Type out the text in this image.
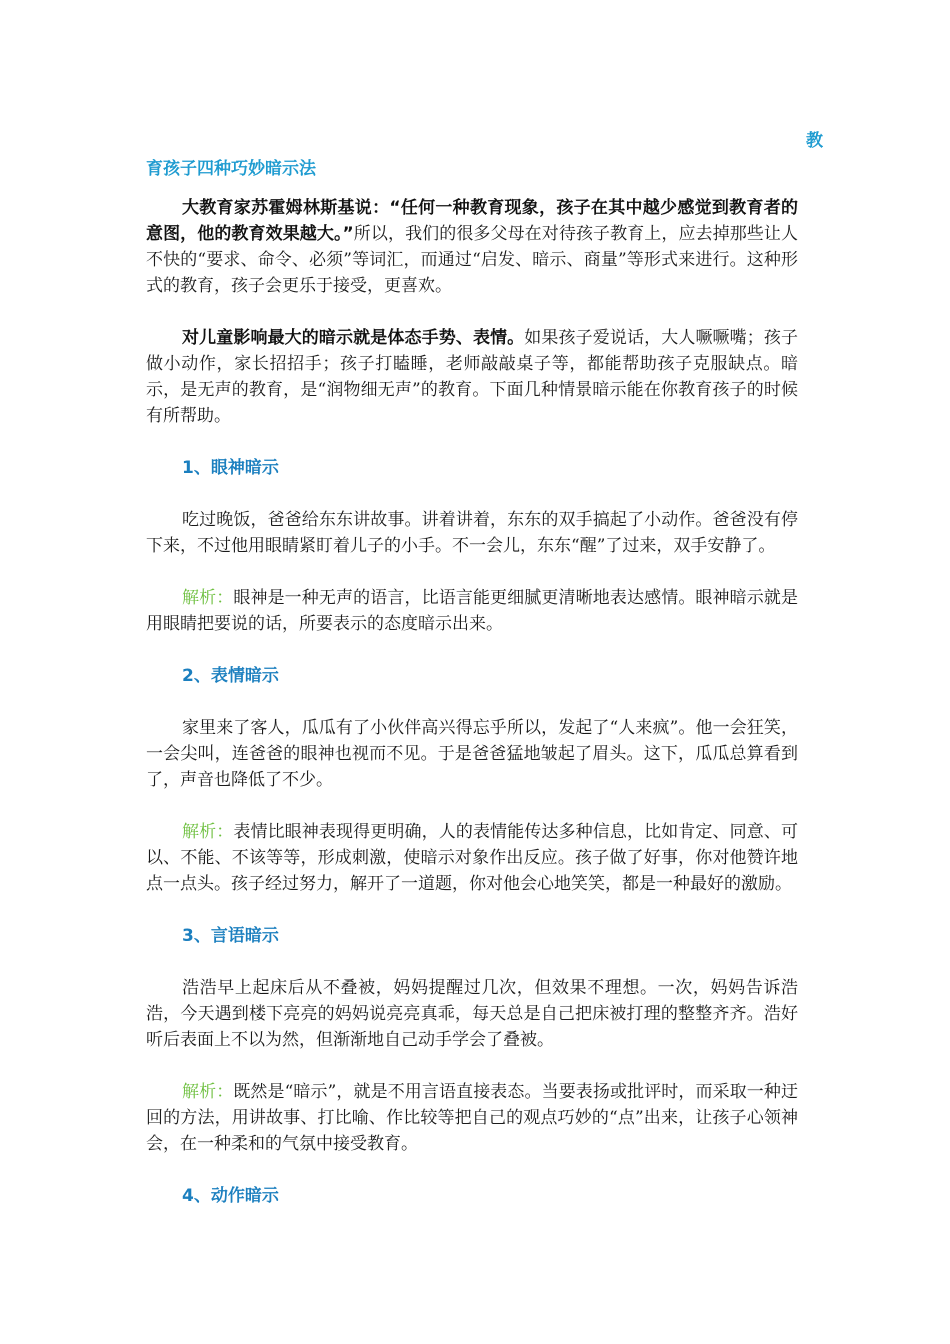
教
育孩子四种巧妙暗示法

大教育家苏霍姆林斯基说：“任何一种教育现象，孩子在其中越少感觉到教育者的意图，他的教育效果越大。”所以，我们的很多父母在对待孩子教育上，应去掉那些让人不快的“要求、命令、必须”等词汇，而通过“启发、暗示、商量”等形式来进行。这种形式的教育，孩子会更乐于接受，更喜欢。

对儿童影响最大的暗示就是体态手势、表情。如果孩子爱说话，大人噘噘嘴；孩子做小动作，家长招招手；孩子打瞌睡，老师敲敲桌子等，都能帮助孩子克服缺点。暗示，是无声的教育，是“润物细无声”的教育。下面几种情景暗示能在你教育孩子的时候有所帮助。

1、眼神暗示

吃过晚饭，爸爸给东东讲故事。讲着讲着，东东的双手搞起了小动作。爸爸没有停下来，不过他用眼睛紧盯着儿子的小手。不一会儿，东东“醒”了过来，双手安静了。

解析：眼神是一种无声的语言，比语言能更细腻更清晰地表达感情。眼神暗示就是用眼睛把要说的话，所要表示的态度暗示出来。

2、表情暗示

家里来了客人，瓜瓜有了小伙伴高兴得忘乎所以，发起了“人来疯”。他一会狂笑，一会尖叫，连爸爸的眼神也视而不见。于是爸爸猛地皱起了眉头。这下，瓜瓜总算看到了，声音也降低了不少。

解析：表情比眼神表现得更明确，人的表情能传达多种信息，比如肯定、同意、可以、不能、不该等等，形成刺激，使暗示对象作出反应。孩子做了好事，你对他赞许地点一点头。孩子经过努力，解开了一道题，你对他会心地笑笑，都是一种最好的激励。

3、言语暗示

浩浩早上起床后从不叠被，妈妈提醒过几次，但效果不理想。一次，妈妈告诉浩浩，今天遇到楼下亮亮的妈妈说亮亮真乖，每天总是自己把床被打理的整整齐齐。浩好听后表面上不以为然，但渐渐地自己动手学会了叠被。

解析：既然是“暗示”，就是不用言语直接表态。当要表扬或批评时，而采取一种迂回的方法，用讲故事、打比喻、作比较等把自己的观点巧妙的“点”出来，让孩子心领神会，在一种柔和的气氛中接受教育。

4、动作暗示
